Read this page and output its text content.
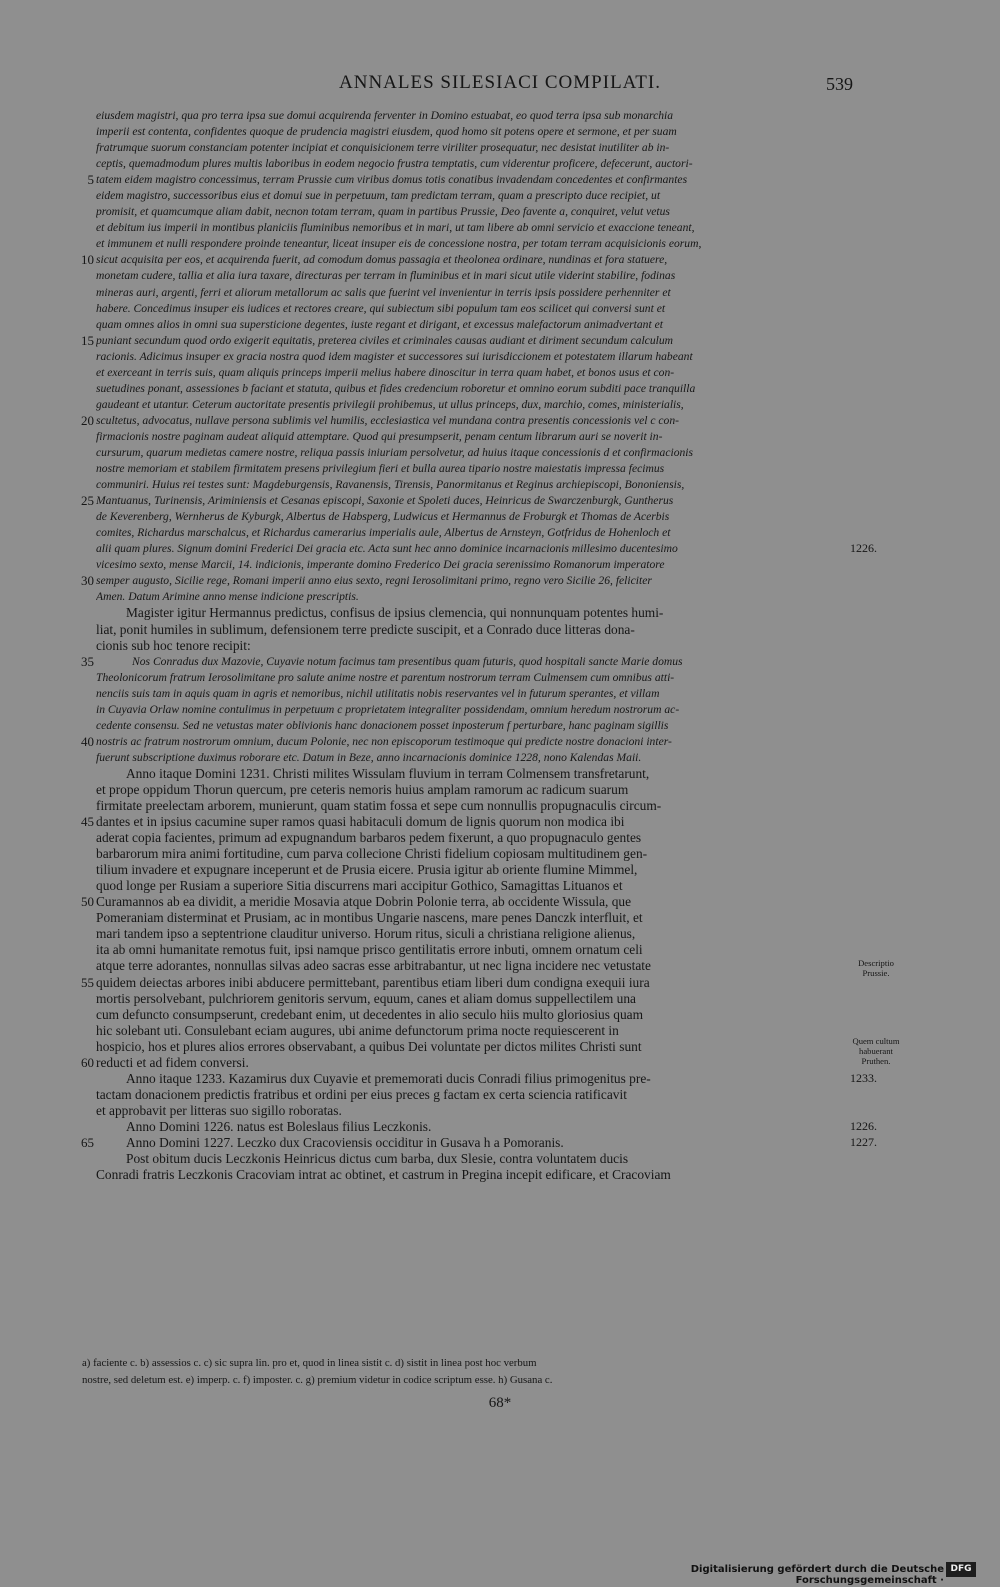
ANNALES SILESIACI COMPILATI.	539
eiusdem magistri, qua pro terra ipsa sue domui acquirenda ferventer in Domino estuabat, eo quod terra ipsa sub monarchia
imperii est contenta, confidentes quoque de prudencia magistri eiusdem, quod homo sit potens opere et sermone, et per suam
fratrumque suorum constanciam potenter incipiat et conquisicionem terre viriliter prosequatur, nec desistat inutiliter ab in-
ceptis, quemadmodum plures multis laboribus in eodem negocio frustra temptatis, cum viderentur proficere, defecerunt, auctori-
5 tatem eidem magistro concessimus, terram Prussie cum viribus domus totis conatibus invadendam concedentes et confirmantes
eidem magistro, successoribus eius et domui sue in perpetuum, tam predictam terram, quam a prescripto duce recipiet, ut
promisit, et quamcumque aliam dabit, necnon totam terram, quam in partibus Prussie, Deo favente a, conquiret, velut vetus
et debitum ius imperii in montibus planiciis fluminibus nemoribus et in mari, ut tam libere ab omni servicio et exaccione teneant,
et immunem et nulli respondere proinde teneantur, liceat insuper eis de concessione nostra, per totam terram acquisicionis eorum,
10 sicut acquisita per eos, et acquirenda fuerit, ad comodum domus passagia et theolonea ordinare, nundinas et fora statuere,
monetam cudere, tallia et alia iura taxare, directuras per terram in fluminibus et in mari sicut utile viderint stabilire, fodinas
mineras auri, argenti, ferri et aliorum metallorum ac salis que fuerint vel invenientur in terris ipsis possidere perhenniter et
habere. Concedimus insuper eis iudices et rectores creare, qui subiectum sibi populum tam eos scilicet qui conversi sunt et
quam omnes alios in omni sua supersticione degentes, iuste regant et dirigant, et excessus malefactorum animadvertant et
15 puniant secundum quod ordo exigerit equitatis, preterea civiles et criminales causas audiant et diriment secundum calculum
racionis. Adicimus insuper ex gracia nostra quod idem magister et successores sui iurisdiccionem et potestatem illarum habeant
et exerceant in terris suis, quam aliquis princeps imperii melius habere dinoscitur in terra quam habet, et bonos usus et con-
suetudines ponant, assessiones b faciant et statuta, quibus et fides credencium roboretur et omnino eorum subditi pace tranquilla
gaudeant et utantur. Ceterum auctoritate presentis privilegii prohibemus, ut ullus princeps, dux, marchio, comes, ministerialis,
20 scultetus, advocatus, nullave persona sublimis vel humilis, ecclesiastica vel mundana contra presentis concessionis vel c con-
firmacionis nostre paginam audeat aliquid attemptare. Quod qui presumpserit, penam centum librarum auri se noverit in-
cursurum, quarum medietas camere nostre, reliqua passis iniuriam persolvetur, ad huius itaque concessionis d et confirmacionis
nostre memoriam et stabilem firmitatem presens privilegium fieri et bulla aurea tipario nostre maiestatis impressa fecimus
communiri. Huius rei testes sunt: Magdeburgensis, Ravanensis, Tirensis, Panormitanus et Reginus archiepiscopi, Bononiensis,
25 Mantuanus, Turinensis, Ariminiensis et Cesanas episcopi, Saxonie et Spoleti duces, Heinricus de Swarczenburgk, Guntherus
de Keverenberg, Wernherus de Kyburgk, Albertus de Habsperg, Ludwicus et Hermannus de Froburgk et Thomas de Acerbis
comites, Richardus marschalcus, et Richardus camerarius imperialis aule, Albertus de Arnsteyn, Gotfridus de Hohenloch et
alii quam plures. Signum domini Frederici Dei gracia etc. Acta sunt hec anno dominice incarnacionis millesimo ducentesimo	1226.
vicesimo sexto, mense Marcii, 14. indicionis, imperante domino Frederico Dei gracia serenissimo Romanorum imperatore
30 semper augusto, Sicilie rege, Romani imperii anno eius sexto, regni Ierosolimitani primo, regno vero Sicilie 26, feliciter
Amen. Datum Arimine anno mense indicione prescriptis.
Magister igitur Hermannus predictus, confisus de ipsius clemencia, qui nonnunquam potentes humi-
liat, ponit humiles in sublimum, defensionem terre predicte suscipit, et a Conrado duce litteras dona-
cionis sub hoc tenore recipit:
35	Nos Conradus dux Mazovie, Cuyavie notum facimus tam presentibus quam futuris, quod hospitali sancte Marie domus
Theolonicorum fratrum Ierosolimitane pro salute anime nostre et parentum nostrorum terram Culmensem cum omnibus atti-
nenciis suis tam in aquis quam in agris et nemoribus, nichil utilitatis nobis reservantes vel in futurum sperantes, et villam
in Cuyavia Orlaw nomine contulimus in perpetuum c proprietatem integraliter possidendam, omnium heredum nostrorum ac-
cedente consensu. Sed ne vetustas mater oblivionis hanc donacionem posset inposterum f perturbare, hanc paginam sigillis
40 nostris ac fratrum nostrorum omnium, ducum Polonie, nec non episcoporum testimoque qui predicte nostre donacioni inter-
fuerunt subscriptione duximus roborare etc. Datum in Beze, anno incarnacionis dominice 1228, nono Kalendas Maii.
Anno itaque Domini 1231. Christi milites Wissulam fluvium in terram Colmensem transfretarunt,
et prope oppidum Thorun quercum, pre ceteris nemoris huius amplam ramorum ac radicum suarum
firmitate preelectam arborem, munierunt, quam statim fossa et sepe cum nonnullis propugnaculis circum-
45 dantes et in ipsius cacumine super ramos quasi habitaculi domum de lignis quorum non modica ibi
aderat copia facientes, primum ad expugnandum barbaros pedem fixerunt, a quo propugnaculo gentes
barbarorum mira animi fortitudine, cum parva collecione Christi fidelium copiosam multitudinem gen-
tilium invadere et expugnare inceperunt et de Prusia eicere. Prusia igitur ab oriente flumine Mimmel,
quod longe per Rusiam a superiore Sitia discurrens mari accipitur Gothico, Samagittas Lituanos et
50 Curamannos ab ea dividit, a meridie Mosavia atque Dobrin Polonie terra, ab occidente Wissula, que
Pomeraniam disterminat et Prusiam, ac in montibus Ungarie nascens, mare penes Danczk interfluit, et
mari tandem ipso a septentrione clauditur universo. Horum ritus, siculi a christiana religione alienus,
ita ab omni humanitate remotus fuit, ipsi namque prisco gentilitatis errore inbuti, omnem ornatum celi
atque terre adorantes, nonnullas silvas adeo sacras esse arbitrabantur, ut nec ligna incidere nec vetustate
55 quidem deiectas arbores inibi abducere permittebant, parentibus etiam liberi dum condigna exequii iura
mortis persolvebant, pulchriorem genitoris servum, equum, canes et aliam domus suppellectilem una
cum defuncto consumpserunt, credebant enim, ut decedentes in alio seculo hiis multo gloriosius quam
hic solebant uti. Consulebant eciam augures, ubi anime defunctorum prima nocte requiescerent in
hospicio, hos et plures alios errores observabant, a quibus Dei voluntate per dictos milites Christi sunt
60 reducti et ad fidem conversi.
Anno itaque 1233. Kazamirus dux Cuyavie et prememorati ducis Conradi filius primogenitus pre-	1233.
tactam donacionem predictis fratribus et ordini per eius preces g factam ex certa sciencia ratificavit
et approbavit per litteras suo sigillo roboratas.
Anno Domini 1226. natus est Boleslaus filius Leczkonis.	1226.
65 Anno Domini 1227. Leczko dux Cracoviensis occiditur in Gusava h a Pomoranis.	1227.
Post obitum ducis Leczkonis Heinricus dictus cum barba, dux Slesie, contra voluntatem ducis
Conradi fratris Leczkonis Cracoviam intrat ac obtinet, et castrum in Pregina incepit edificare, et Cracoviam
Descriptio Prussie.
Quem cultum habuerant Pruthen.
a) faciente c. b) assessios c. c) sic supra lin. pro et, quod in linea sistit c. d) sistit in linea post hoc verbum
nostre, sed deletum est. e) imperp. c. f) imposter. c. g) premium videtur in codice scriptum esse. h) Gusana c.
68*
Digitalisierung gefördert durch die Deutsche Forschungsgemeinschaft ·
DFG
